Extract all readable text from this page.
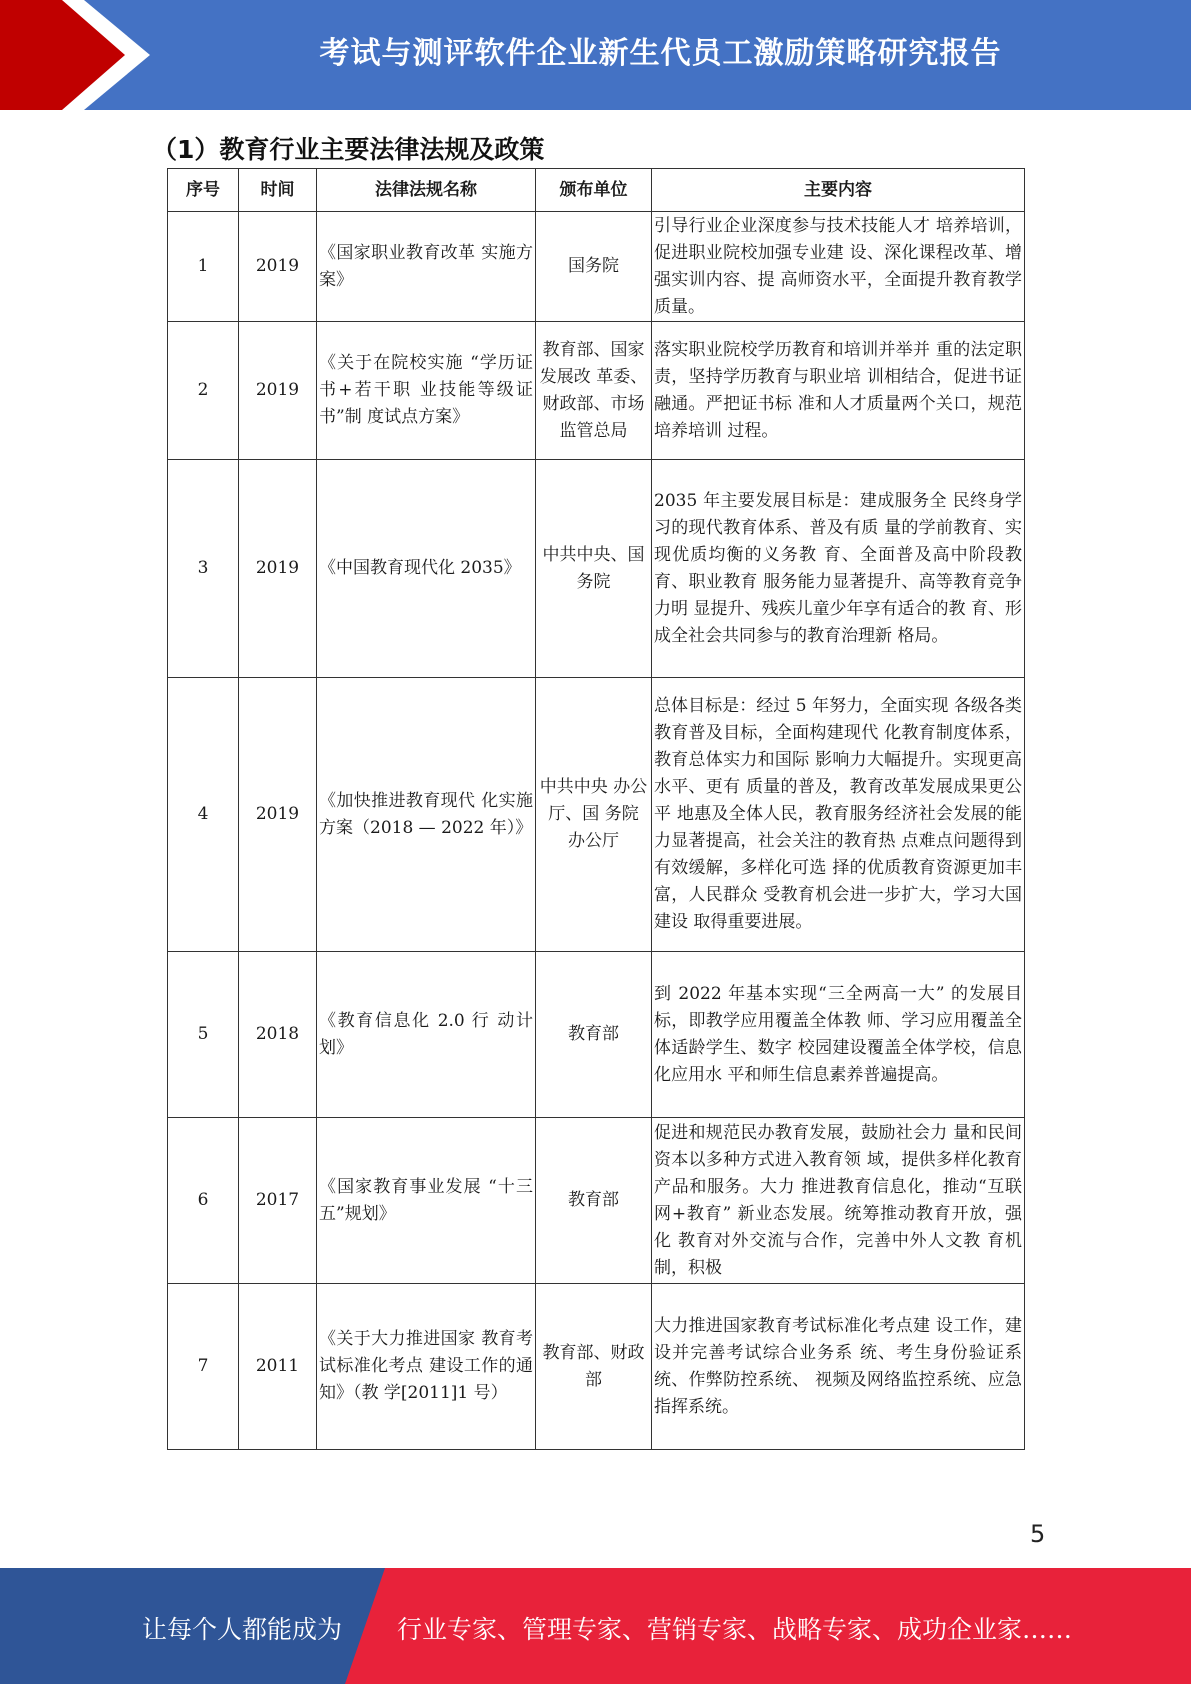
考试与测评软件企业新生代员工激励策略研究报告
（1）教育行业主要法律法规及政策
序号	时间	法律法规名称	颁布单位	主要内容
1	2019	《国家职业教育改革 实施方案》	国务院	引导行业企业深度参与技术技能人才 培养培训，促进职业院校加强专业建 设、深化课程改革、增强实训内容、提 高师资水平，全面提升教育教学质量。

2	2019	《关于在院校实施 “学历证书+若干职 业技能等级证书”制 度试点方案》	教育部、国家发展改 革委、财政部、市场监管总局	落实职业院校学历教育和培训并举并 重的法定职责，坚持学历教育与职业培 训相结合，促进书证融通。严把证书标 准和人才质量两个关口，规范培养培训 过程。

3	2019	《中国教育现代化 2035》	中共中央、国务院	2035 年主要发展目标是：建成服务全 民终身学习的现代教育体系、普及有质 量的学前教育、实现优质均衡的义务教 育、全面普及高中阶段教育、职业教育 服务能力显著提升、高等教育竞争力明 显提升、残疾儿童少年享有适合的教 育、形成全社会共同参与的教育治理新 格局。

4	2019	《加快推进教育现代 化实施方案（2018 — 2022 年）》	中共中央 办公厅、国 务院 办公厅	总体目标是：经过 5 年努力，全面实现 各级各类教育普及目标，全面构建现代 化教育制度体系，教育总体实力和国际 影响力大幅提升。实现更高水平、更有 质量的普及，教育改革发展成果更公平 地惠及全体人民，教育服务经济社会发展的能力显著提高，社会关注的教育热 点难点问题得到有效缓解，多样化可选 择的优质教育资源更加丰富，人民群众 受教育机会进一步扩大，学习大国建设 取得重要进展。

5	2018	《教育信息化 2.0 行 动计划》	教育部	到 2022 年基本实现“三全两高一大” 的发展目标，即教学应用覆盖全体教 师、学习应用覆盖全体适龄学生、数字 校园建设覆盖全体学校，信息化应用水 平和师生信息素养普遍提高。

6	2017	《国家教育事业发展 “十三五”规划》	教育部	促进和规范民办教育发展，鼓励社会力 量和民间资本以多种方式进入教育领 域，提供多样化教育产品和服务。大力 推进教育信息化，推动“互联网+教育” 新业态发展。统筹推动教育开放，强化 教育对外交流与合作，完善中外人文教 育机制，积极

7	2011	《关于大力推进国家 教育考试标准化考点 建设工作的通知》（教 学[2011]1 号）	教育部、财政部	大力推进国家教育考试标准化考点建 设工作，建设并完善考试综合业务系 统、考生身份验证系统、作弊防控系统、 视频及网络监控系统、应急指挥系统。
5
让每个人都能成为 行业专家、管理专家、营销专家、战略专家、成功企业家……
